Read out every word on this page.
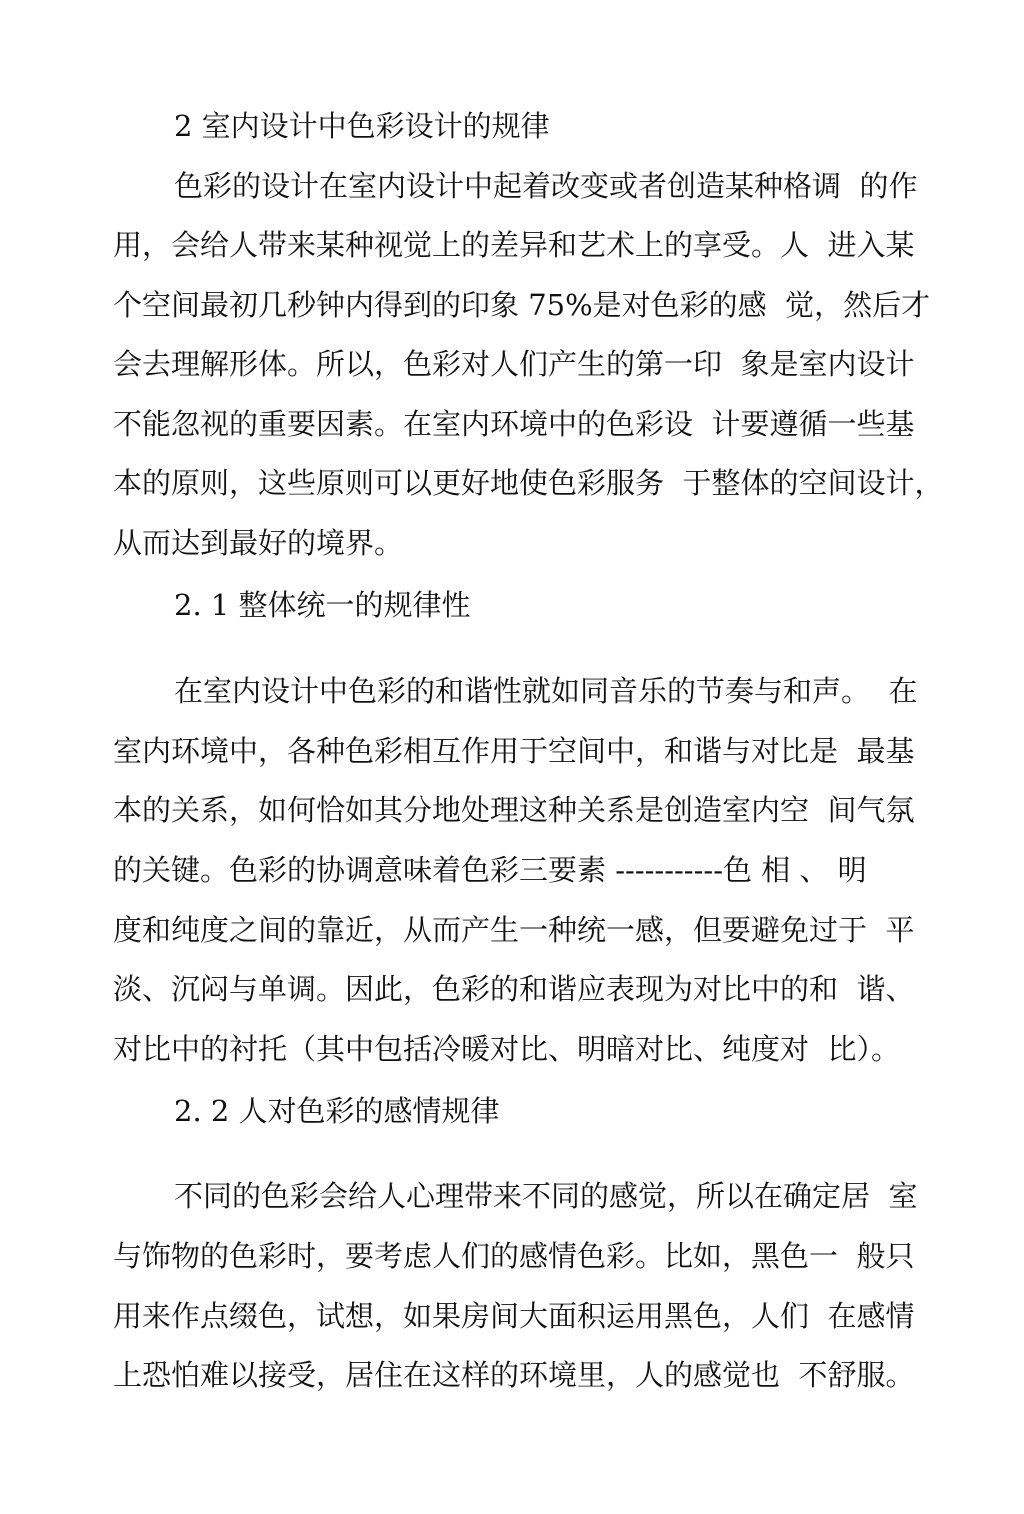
2 室内设计中色彩设计的规律
色彩的设计在室内设计中起着改变或者创造某种格调  的作
用，会给人带来某种视觉上的差异和艺术上的享受。人  进入某
个空间最初几秒钟内得到的印象 75%是对色彩的感  觉，然后才
会去理解形体。所以，色彩对人们产生的第一印  象是室内设计
不能忽视的重要因素。在室内环境中的色彩设  计要遵循一些基
本的原则，这些原则可以更好地使色彩服务  于整体的空间设计，
从而达到最好的境界。
2. 1 整体统一的规律性
在室内设计中色彩的和谐性就如同音乐的节奏与和声。  在
室内环境中，各种色彩相互作用于空间中，和谐与对比是  最基
本的关系，如何恰如其分地处理这种关系是创造室内空  间气氛
的关键。色彩的协调意味着色彩三要素 -----------色 相 、 明
度和纯度之间的靠近，从而产生一种统一感，但要避免过于  平
淡、沉闷与单调。因此，色彩的和谐应表现为对比中的和  谐、
对比中的衬托（其中包括冷暖对比、明暗对比、纯度对  比）。
2. 2 人对色彩的感情规律
不同的色彩会给人心理带来不同的感觉，所以在确定居  室
与饰物的色彩时，要考虑人们的感情色彩。比如，黑色一  般只
用来作点缀色，试想，如果房间大面积运用黑色，人们  在感情
上恐怕难以接受，居住在这样的环境里，人的感觉也  不舒服。
